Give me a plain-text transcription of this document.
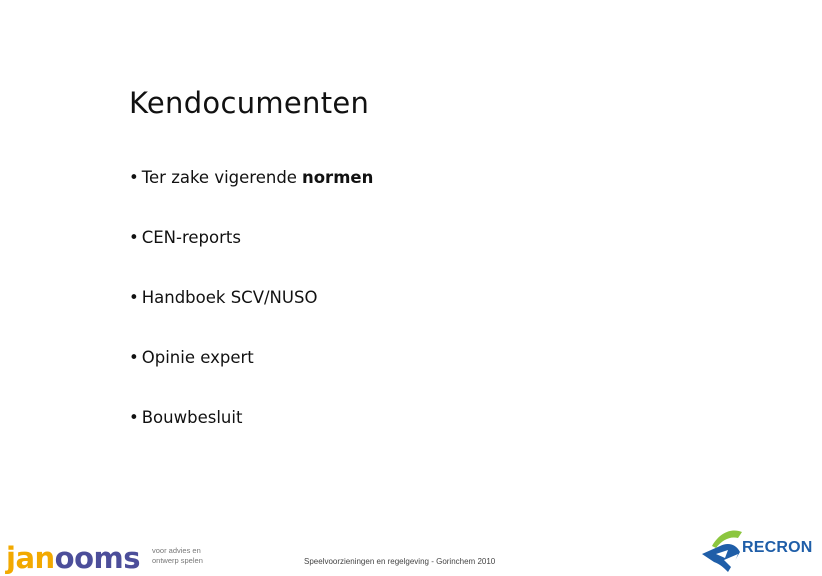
Kendocumenten
• Ter zake vigerende normen
• CEN-reports
• Handboek SCV/NUSO
• Opinie expert
• Bouwbesluit
janooms voor advies en
ontwerp spelen	Speelvoorzieningen en regelgeving - Gorinchem 2010
RECRON
